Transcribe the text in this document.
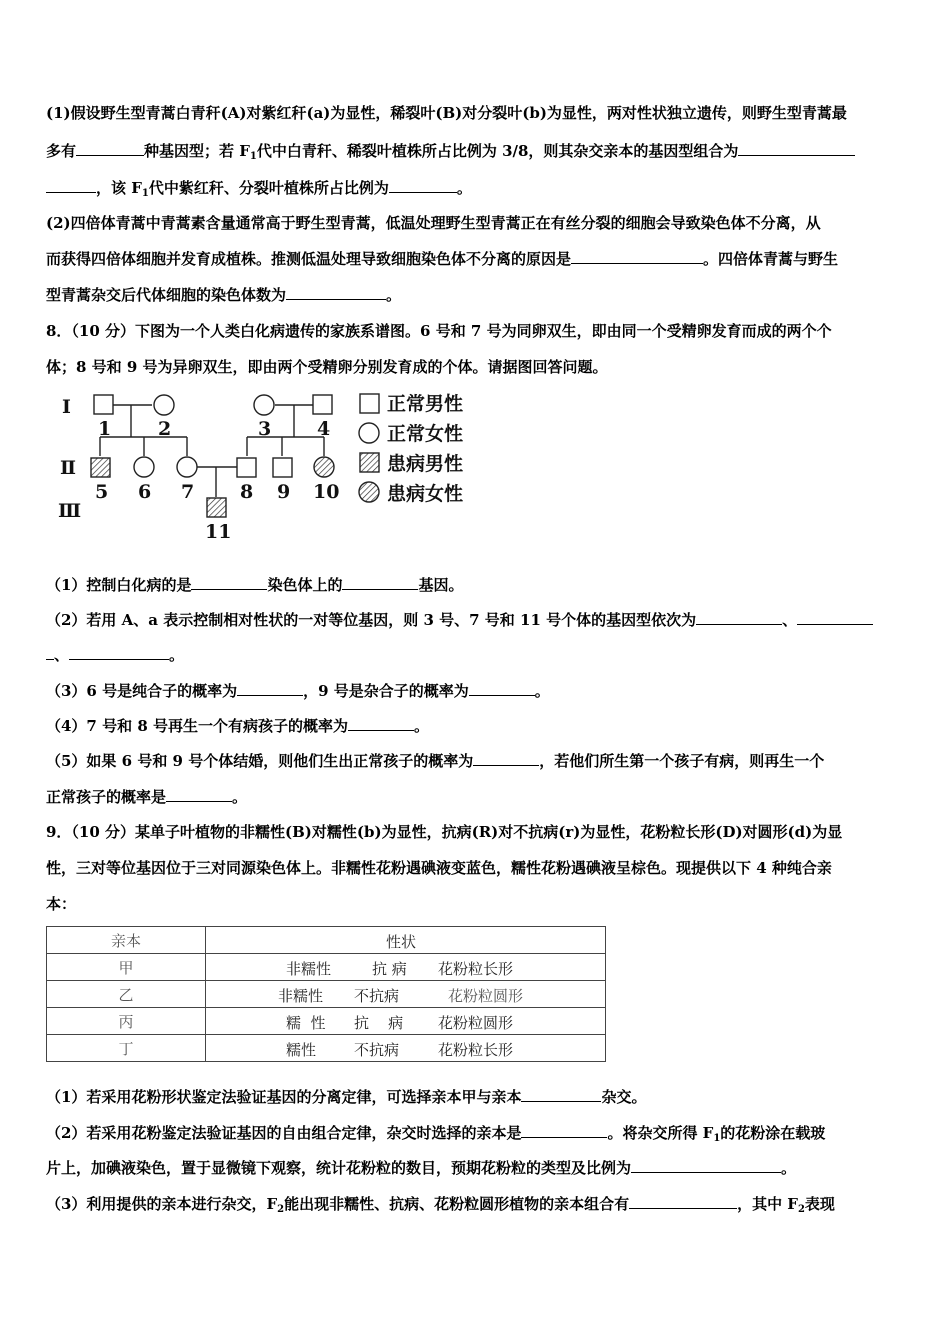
(1)假设野生型青蒿白青秆(A)对紫红秆(a)为显性，稀裂叶(B)对分裂叶(b)为显性，两对性状独立遗传，则野生型青蒿最
多有	种基因型；若 $F_1$代中白青秆、稀裂叶植株所占比例为 3/8，则其杂交亲本的基因型组合为
，该 $F_1$代中紫红秆、分裂叶植株所占比例为	。
(2)四倍体青蒿中青蒿素含量通常高于野生型青蒿，低温处理野生型青蒿正在有丝分裂的细胞会导致染色体不分离，从
而获得四倍体细胞并发育成植株。推测低温处理导致细胞染色体不分离的原因是	。四倍体青蒿与野生
型青蒿杂交后代体细胞的染色体数为	。
8．（10 分）下图为一个人类白化病遗传的家族系谱图。6 号和 7 号为同卵双生，即由同一个受精卵发育而成的两个个
体；8 号和 9 号为异卵双生，即由两个受精卵分别发育成的个体。请据图回答问题。
Ⅰ
Ⅱ
Ⅲ
1 2	3 4
5 6 7 8 9 10
11
正常男性
正常女性
患病男性
患病女性
（1）控制白化病的是	染色体上的	基因。
（2）若用 A、a 表示控制相对性状的一对等位基因，则 3 号、7 号和 11 号个体的基因型依次为	、
、	。
（3）6 号是纯合子的概率为	，9 号是杂合子的概率为	。
（4）7 号和 8 号再生一个有病孩子的概率为	。
（5）如果 6 号和 9 号个体结婚，则他们生出正常孩子的概率为	，若他们所生第一个孩子有病，则再生一个
正常孩子的概率是	。
9．（10 分）某单子叶植物的非糯性(B)对糯性(b)为显性，抗病(R)对不抗病(r)为显性，花粉粒长形(D)对圆形(d)为显
性，三对等位基因位于三对同源染色体上。非糯性花粉遇碘液变蓝色，糯性花粉遇碘液呈棕色。现提供以下 4 种纯合亲
本：
亲本	性状

甲	非糯性 抗 病 花粉粒长形

乙	非糯性 不抗病 花粉粒圆形

丙	糯  性 抗    病 花粉粒圆形

丁	糯性 不抗病 花粉粒长形
（1）若采用花粉形状鉴定法验证基因的分离定律，可选择亲本甲与亲本	杂交。
（2）若采用花粉鉴定法验证基因的自由组合定律，杂交时选择的亲本是	。将杂交所得 $F_1$的花粉涂在载玻
片上，加碘液染色，置于显微镜下观察，统计花粉粒的数目，预期花粉粒的类型及比例为	。
（3）利用提供的亲本进行杂交，$F_2$能出现非糯性、抗病、花粉粒圆形植物的亲本组合有	，其中 $F_2$表现
